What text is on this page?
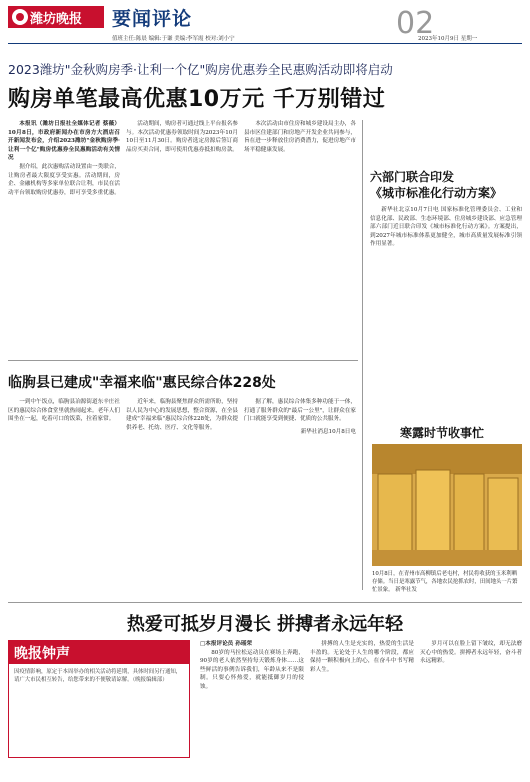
潍坊晚报 要闻评论	02
值班主任:陈晨 编辑:于谦 美编:李军霞 校对:刘小宁	2023年10月9日 星期一
2023潍坊"金秋购房季·让利一个亿"购房优惠券全民惠购活动即将启动
购房单笔最高优惠10万元 千万别错过

本报讯（潍坊日报社全媒体记者 蔡薇）10月8日，市政府新闻办在市房方大酒店召开新闻发布会，介绍2023潍坊"金秋购房季·让利一个亿"购房优惠券全民惠购活动有关情况

据介绍，此次惠购活动设置由一类联合，让购房者最大限度享受实惠。活动期间，房企、金融机构等多家单位联合让利，市民在活动平台领取购房优惠券，即可享受多重优惠。

活动期间，购房者可通过线上平台报名参与。本次活动优惠券领取时间为2023年10月10日至11月30日。购房者选定房源后签订商品房买卖合同，即可使用优惠券抵扣购房款。

本次活动由市住房和城乡建设局主办，各县市区住建部门和房地产开发企业共同参与，旨在进一步释放住房消费潜力，促进房地产市场平稳健康发展。

六部门联合印发
《城市标准化行动方案》

新华社北京10月7日电 国家标准化管理委员会、工业和信息化部、民政部、生态环境部、住房城乡建设部、应急管理部六部门近日联合印发《城市标准化行动方案》。方案提出，到2027年城市标准体系更加健全，城市高质量发展标准引领作用显著。

临朐县已建成"幸福来临"惠民综合体228处

一到中午饭点，临朐县冶源街道东辛庄社区的惠民综合体食堂里就热闹起来。老年人们围坐在一起，吃着可口的饭菜，拉着家常。

近年来，临朐县聚焦群众所需所盼，坚持以人民为中心的发展思想，整合资源，在全县建成"幸福来临"惠民综合体228处，为群众提供养老、托幼、医疗、文化等服务。

据了解，惠民综合体集多种功能于一体，打通了服务群众的"最后一公里"，让群众在家门口就能享受到便捷、优质的公共服务。

新华社消息10月8日电	寒露时节收事忙
10月8日，在青州市高柳镇后老屯村，村民将收获的玉米利晒存储。当日是寒露节气，各地农民抢抓农时，田间地头一片繁忙景象。 新华社发
热爱可抵岁月漫长 拼搏者永远年轻
晚报钟声
因疫情影响，原定于本周举办的相关活动将延期，具体时间另行通知，请广大市民相互转告，给您带来的不便敬请谅解。（晚报编辑部）

□本报评论员 孙瑶荣

80岁的马拉松运动员在赛场上奔跑，90岁的老人依然坚持每天锻炼身体……这些鲜活的事例告诉我们，年龄从来不是限制。只要心怀热爱，就能抵御岁月的侵蚀。

拼搏的人生是充实的，热爱的生活是丰盈的。无论处于人生的哪个阶段，都应保持一颗积极向上的心，在奋斗中书写精彩人生。

岁月可以在脸上留下皱纹，却无法磨灭心中的热爱。拼搏者永远年轻，奋斗者永远精彩。
